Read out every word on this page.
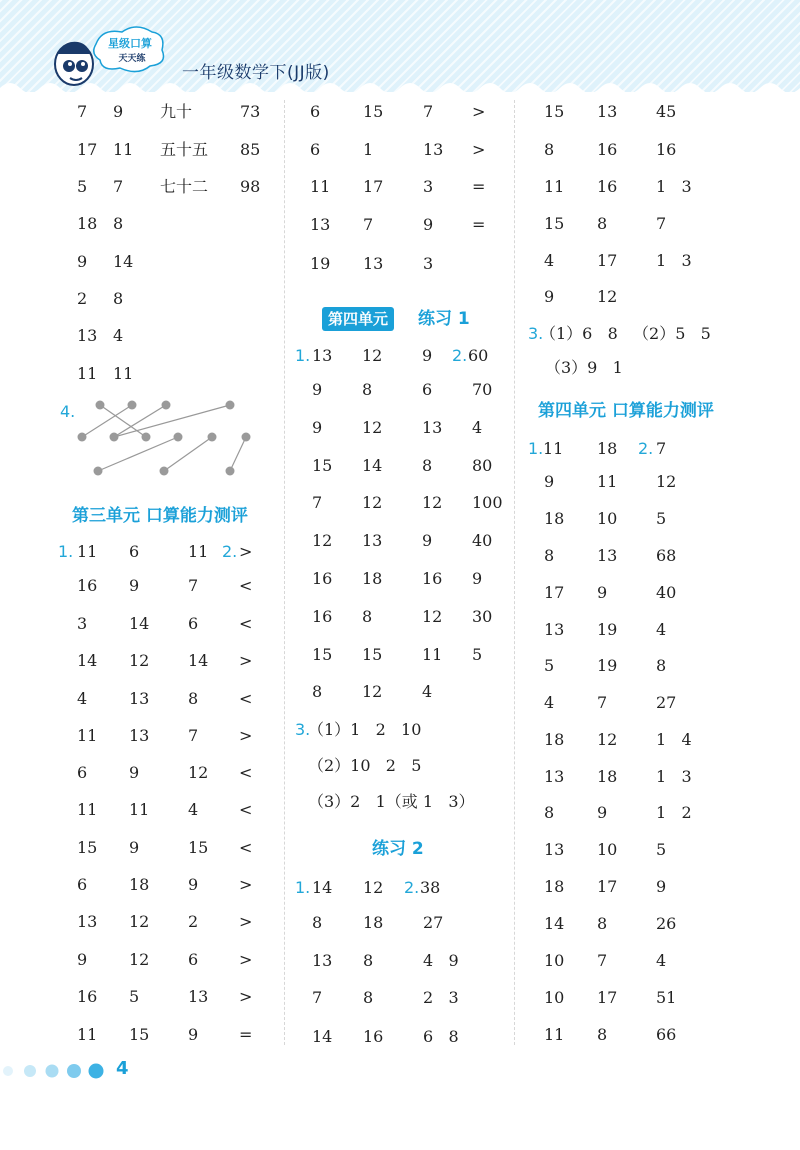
星级口算
天天练
一年级数学下(JJ版)
7 9 九十	73
17 11 五十五 85
5 7 七十二 98
18 8
9 14
2 8
13 4
11 11
4.
第三单元 口算能力测评
1.	2.
11 6	11 >
16 9	7	<
3	14 6	<
14 12 14 >
4	13 8	<
11 13 7	>
6	9	12 <
11 11 4	<
15 9	15 <
6	18 9	>
13 12 2	>
9	12 6	>
16 5	13 >
11 15 9	=
6	15 7 >
6	1	13 >
11 17 3 =
13 7	9 =
19 13 3
第四单元	练习 1
1.	2.
13 12 9 60
9 8	6 70
9 12 13 4
15 14 8 80
7 12 12 100
12 13 9 40
16 18 16 9
16 8	12 30
15 15 11 5
8 12 4
3.
（1）1   2   10
（2）10   2   5
（3）2   1（或 1   3）
练习 2
1.	2.
14 12 38
8	18 27
13 8	4   9
7	8	2   3
14 16 6   8
15 13 45
8	16 16
11 16 1   3
15 8	7
4	17 1   3
9	12
3.
（1）6   8   （2）5   5
（3）9   1
第四单元 口算能力测评
1.	2.
11 18 7
9	11 12
18 10 5
8	13 68
17 9	40
13 19 4
5	19 8
4	7	27
18 12 1   4
13 18 1   3
8	9	1   2
13 10 5
18 17 9
14 8	26
10 7	4
10 17 51
11 8	66
4
